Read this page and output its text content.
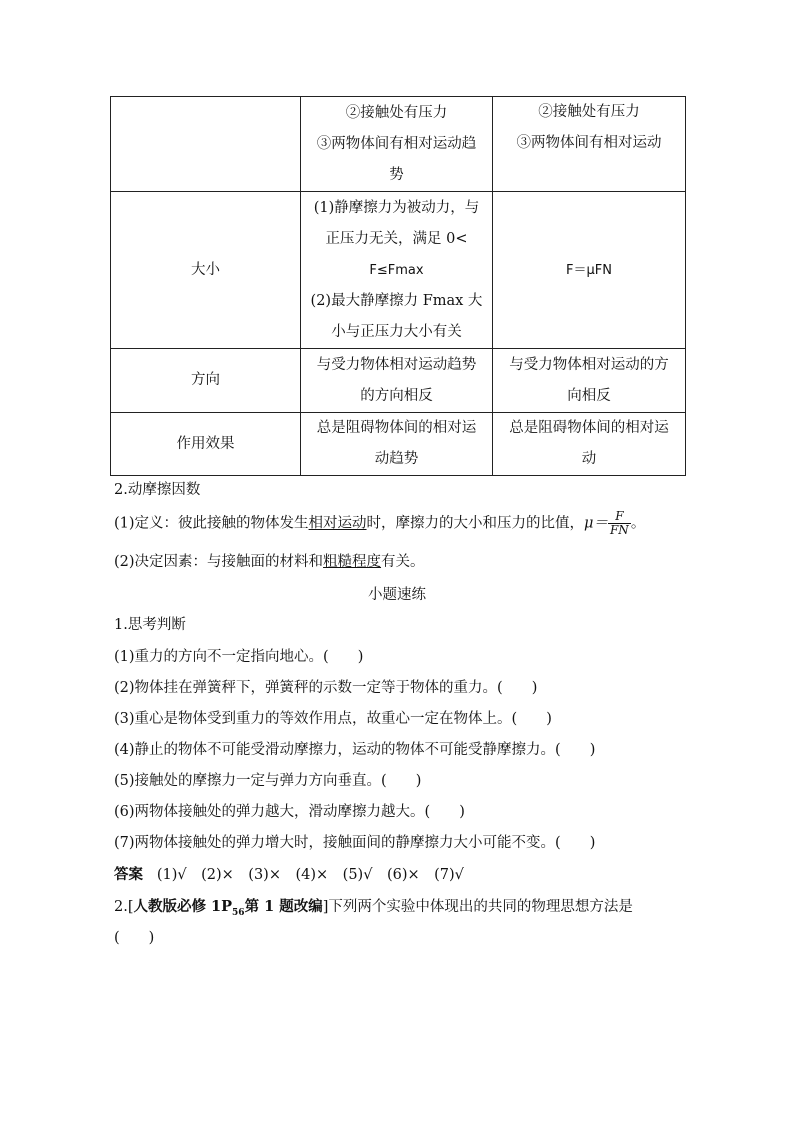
	②接触处有压力
③两物体间有相对运动趋
势	②接触处有压力
③两物体间有相对运动

大小	(1)静摩擦力为被动力，与
正压力无关，满足 0<
F≤Fmax
(2)最大静摩擦力 Fmax 大
小与正压力大小有关	F＝μFN

方向	与受力物体相对运动趋势
的方向相反	与受力物体相对运动的方
向相反

作用效果	总是阻碍物体间的相对运
动趋势	总是阻碍物体间的相对运
动
2.动摩擦因数
(1)定义：彼此接触的物体发生相对运动时，摩擦力的大小和压力的比值，$\mu= \frac{F}{FN}$ 。
(2)决定因素：与接触面的材料和粗糙程度有关。
小题速练
1.思考判断
(1)重力的方向不一定指向地心。(　　)
(2)物体挂在弹簧秤下，弹簧秤的示数一定等于物体的重力。(　　)
(3)重心是物体受到重力的等效作用点，故重心一定在物体上。(　　)
(4)静止的物体不可能受滑动摩擦力，运动的物体不可能受静摩擦力。(　　)
(5)接触处的摩擦力一定与弹力方向垂直。(　　)
(6)两物体接触处的弹力越大，滑动摩擦力越大。(　　)
(7)两物体接触处的弹力增大时，接触面间的静摩擦力大小可能不变。(　　)
答案 (1)√　(2)×　(3)×　(4)×　(5)√　(6)×　(7)√
2.[人教版必修 $1P_{56}$第 1 题改编]下列两个实验中体现出的共同的物理思想方法是
(　　)
